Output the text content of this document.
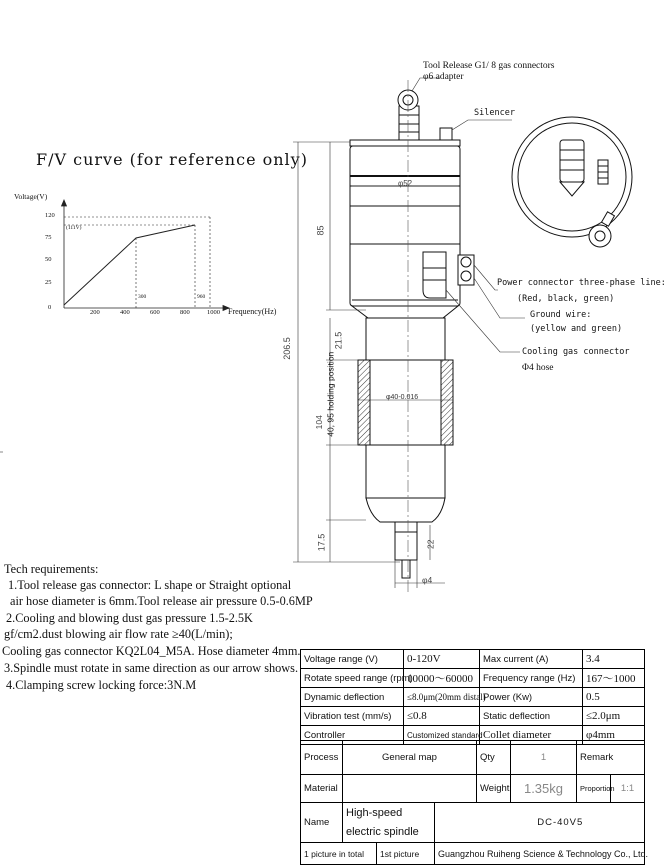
Tool Release G1/ 8 gas connectors
φ6 adapter
Silencer
Power connector three-phase line:
(Red, black, green)
Ground wire:
(yellow and green)
Cooling gas connector
Φ4 hose
φ52
85
206.5	21.5
104 40, 95 holding position	φ40-0.016
17.5	22
φ4
F/V curve (for reference only)
Voltage(V)
Frequency(Hz)
120
75
50
25
0
200	400	600	800	1000
(111V)
300	960
Tech requirements:
1.Tool release gas connector: L shape or Straight optional
air hose diameter is 6mm.Tool release air pressure 0.5-0.6MP
2.Cooling and blowing dust gas pressure 1.5-2.5K
gf/cm2.dust blowing air flow rate ≥40(L/min);
Cooling gas connector KQ2L04_M5A. Hose diameter 4mm.
3.Spindle must rotate in same direction as our arrow shows.
4.Clamping screw locking force:3N.M
Voltage range (V)	0-120V	Max current (A)	3.4
Rotate speed range (rpm)	10000～60000	Frequency range (Hz)	167～1000
Dynamic deflection	≤8.0μm(20mm distal)	Power (Kw)	0.5
Vibration test (mm/s)	≤0.8	Static deflection	≤2.0μm
Controller	Customized standard	Collet diameter	φ4mm
Process	General map			Qty	1	Remark	
Material				Weight	1.35kg	Proportion	1:1
Name	High-speed			DC-40V5			
	electric spindle						
1 picture in total		1st picture	Guangzhou Ruiheng Science & Technology Co., Ltd.				
